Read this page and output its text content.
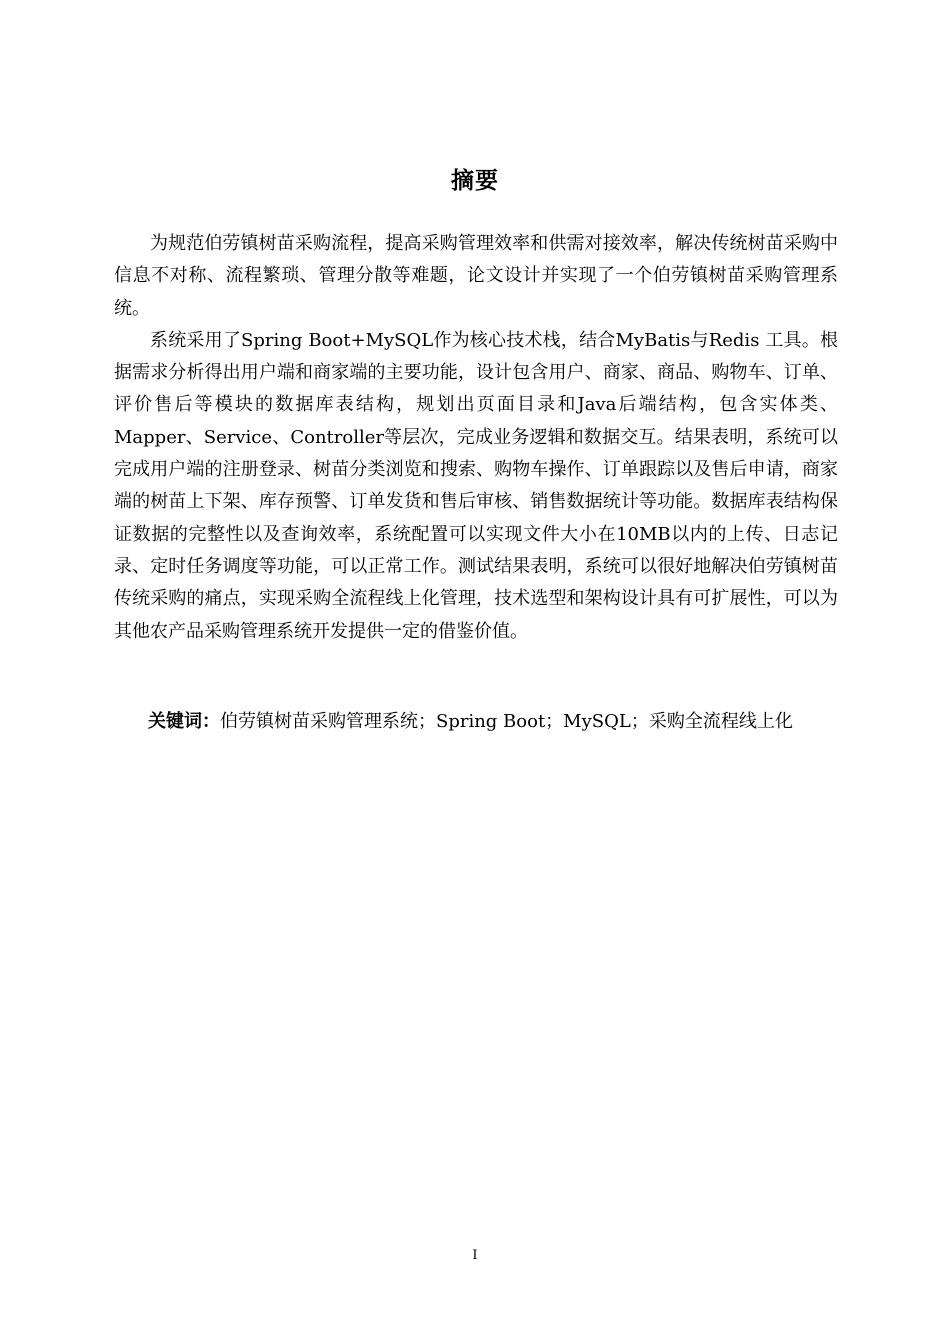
摘要

为规范伯劳镇树苗采购流程，提高采购管理效率和供需对接效率，解决传统树苗采购中信息不对称、流程繁琐、管理分散等难题，论文设计并实现了一个伯劳镇树苗采购管理系统。

系统采用了Spring Boot+MySQL作为核心技术栈，结合MyBatis与Redis 工具。根据需求分析得出用户端和商家端的主要功能，设计包含用户、商家、商品、购物车、订单、评价售后等模块的数据库表结构，规划出页面目录和Java后端结构，包含实体类、Mapper、Service、Controller等层次，完成业务逻辑和数据交互。结果表明，系统可以完成用户端的注册登录、树苗分类浏览和搜索、购物车操作、订单跟踪以及售后申请，商家端的树苗上下架、库存预警、订单发货和售后审核、销售数据统计等功能。数据库表结构保证数据的完整性以及查询效率，系统配置可以实现文件大小在10MB以内的上传、日志记录、定时任务调度等功能，可以正常工作。测试结果表明，系统可以很好地解决伯劳镇树苗传统采购的痛点，实现采购全流程线上化管理，技术选型和架构设计具有可扩展性，可以为其他农产品采购管理系统开发提供一定的借鉴价值。

关键词：伯劳镇树苗采购管理系统；Spring Boot；MySQL；采购全流程线上化
I
